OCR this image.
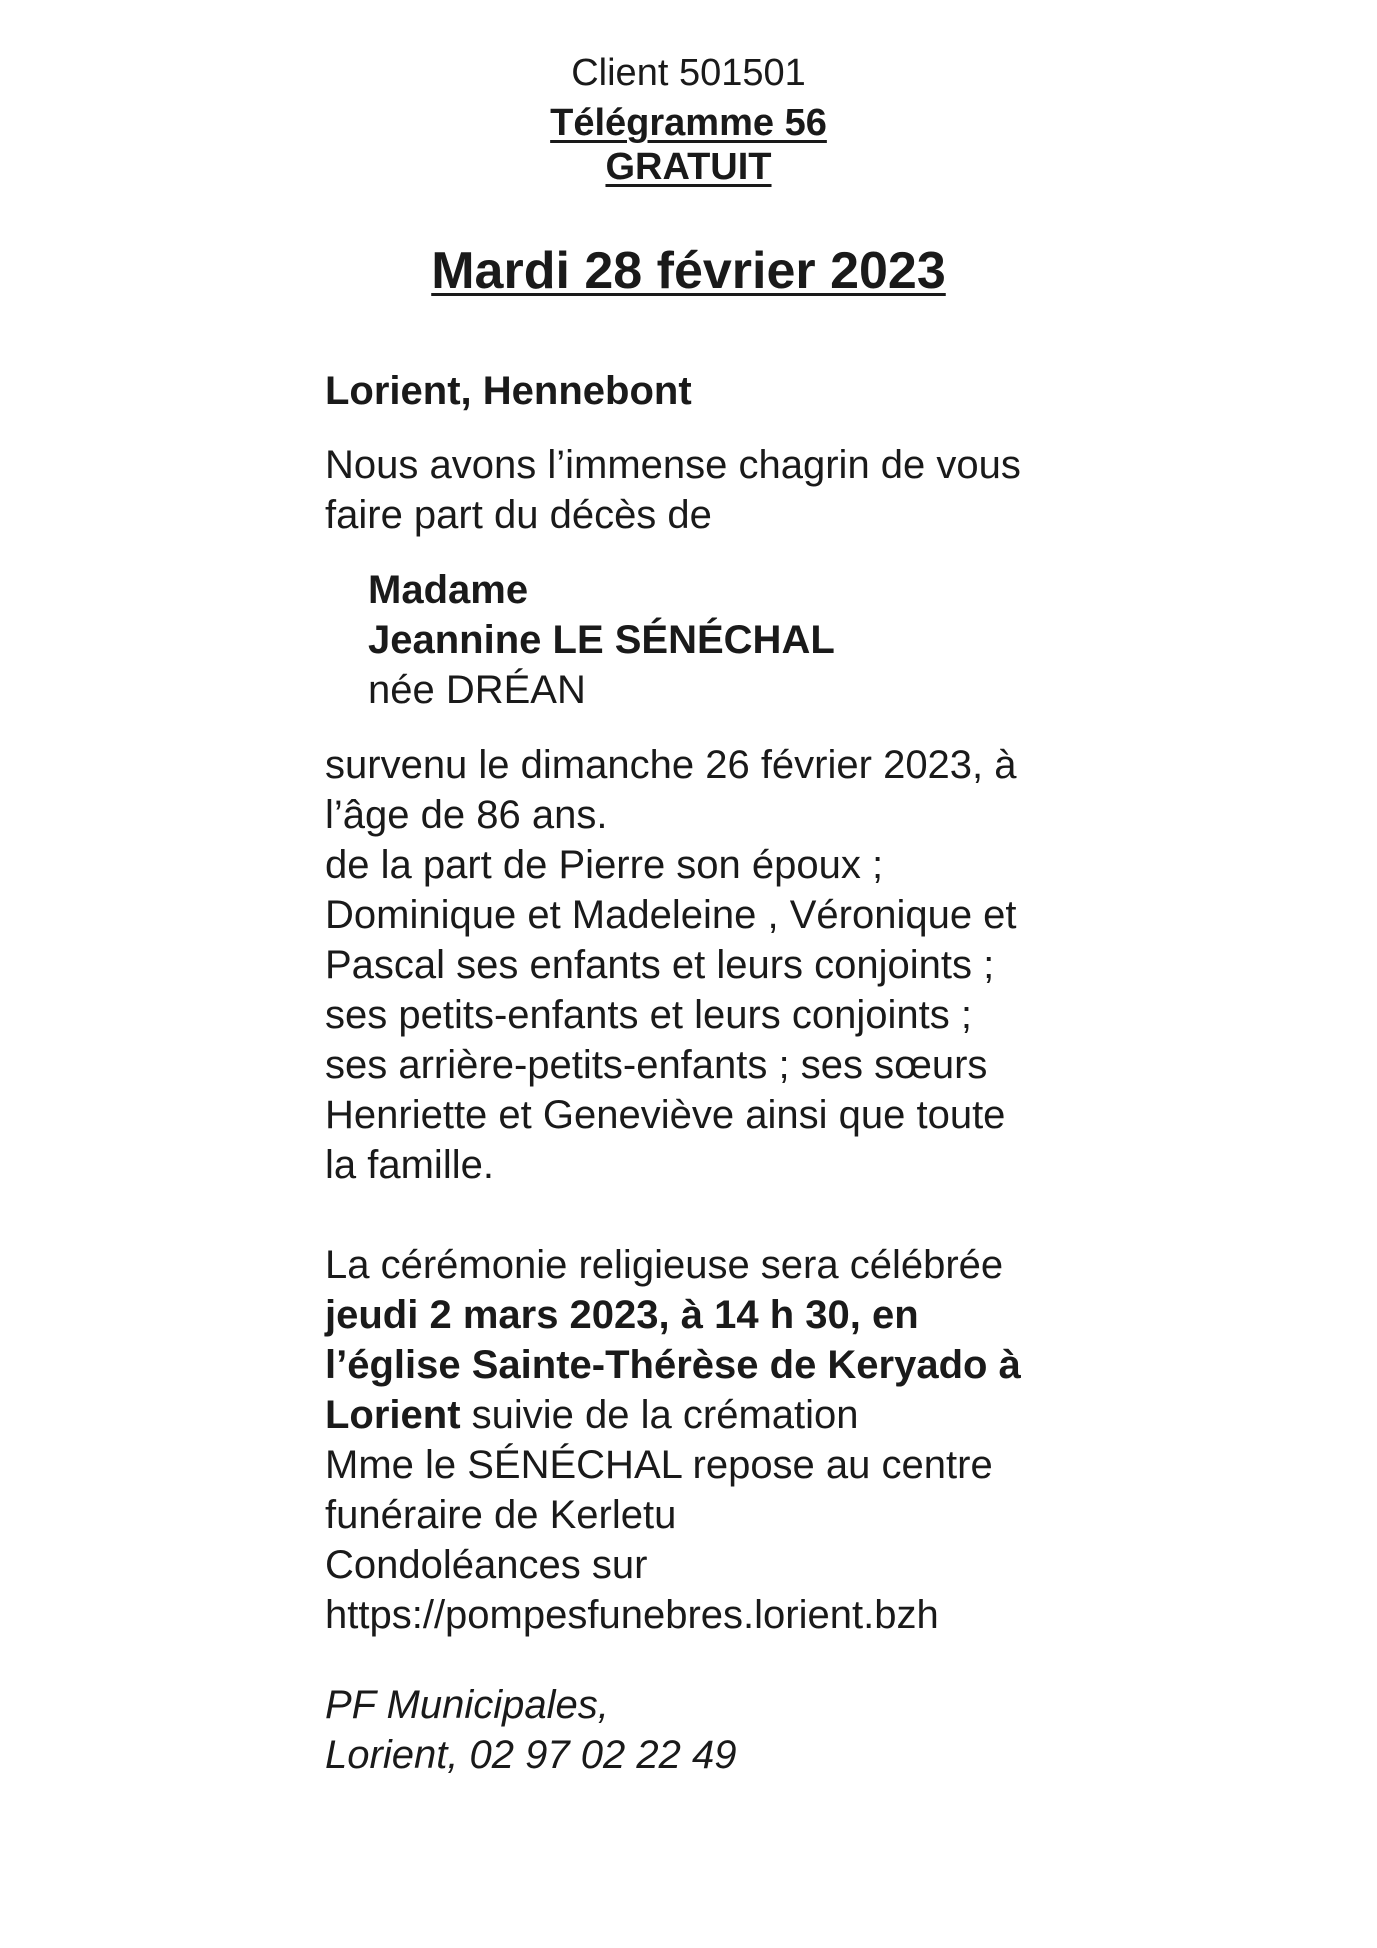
Client 501501
Télégramme 56
GRATUIT
Mardi 28 février 2023
Lorient, Hennebont
Nous avons l’immense chagrin de vous
faire part du décès de
Madame
Jeannine LE SÉNÉCHAL
née DRÉAN
survenu le dimanche 26 février 2023, à
l’âge de 86 ans.
de la part de Pierre son époux ;
Dominique et Madeleine , Véronique et
Pascal ses enfants et leurs conjoints ;
ses petits-enfants et leurs conjoints ;
ses arrière-petits-enfants ; ses sœurs
Henriette et Geneviève ainsi que toute
la famille.
La cérémonie religieuse sera célébrée
jeudi 2 mars 2023, à 14 h 30, en
l’église Sainte-Thérèse de Keryado à
Lorient suivie de la crémation
Mme le SÉNÉCHAL repose au centre
funéraire de Kerletu
Condoléances sur
https://pompesfunebres.lorient.bzh
PF Municipales,
Lorient, 02 97 02 22 49
